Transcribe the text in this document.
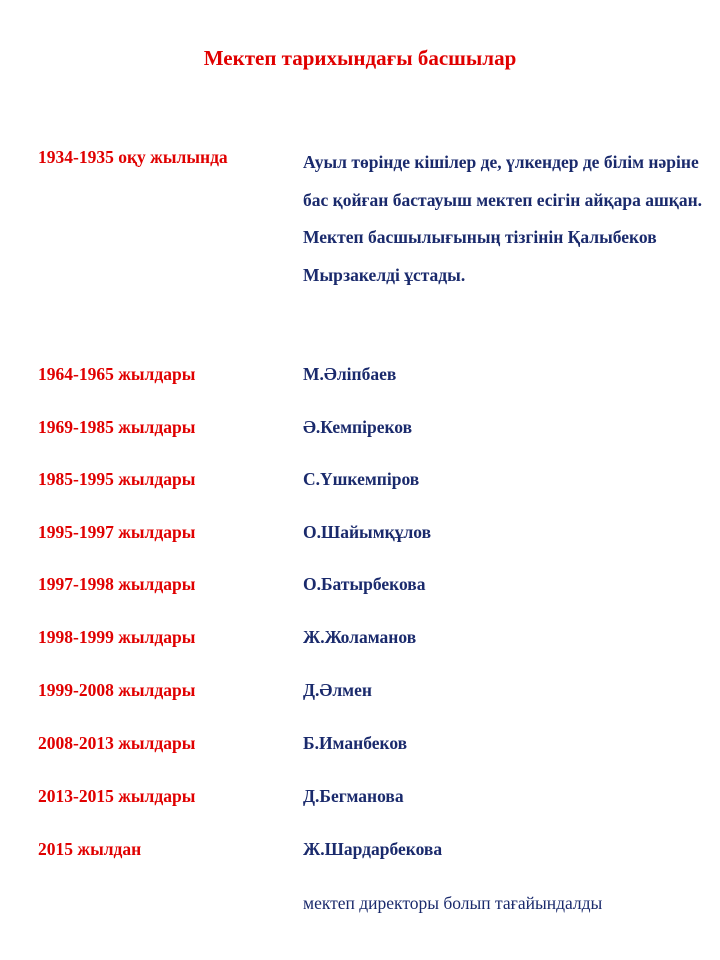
Мектеп тарихындағы басшылар
1934-1935 оқу жылында	Ауыл төрінде кішілер де, үлкендер де білім нәріне бас қойған бастауыш мектеп есігін айқара ашқан. Мектеп басшылығының тізгінін Қалыбеков Мырзакелді ұстады.

1964-1965 жылдары	М.Әліпбаев
1969-1985 жылдары	Ә.Кемпіреков
1985-1995 жылдары	С.Үшкемпіров
1995-1997 жылдары	О.Шайымқұлов
1997-1998 жылдары	О.Батырбекова
1998-1999 жылдары	Ж.Жоламанов
1999-2008 жылдары	Д.Әлмен
2008-2013 жылдары	Б.Иманбеков
2013-2015 жылдары	Д.Бегманова
2015 жылдан	Ж.Шардарбекова
мектеп директоры болып тағайындалды
